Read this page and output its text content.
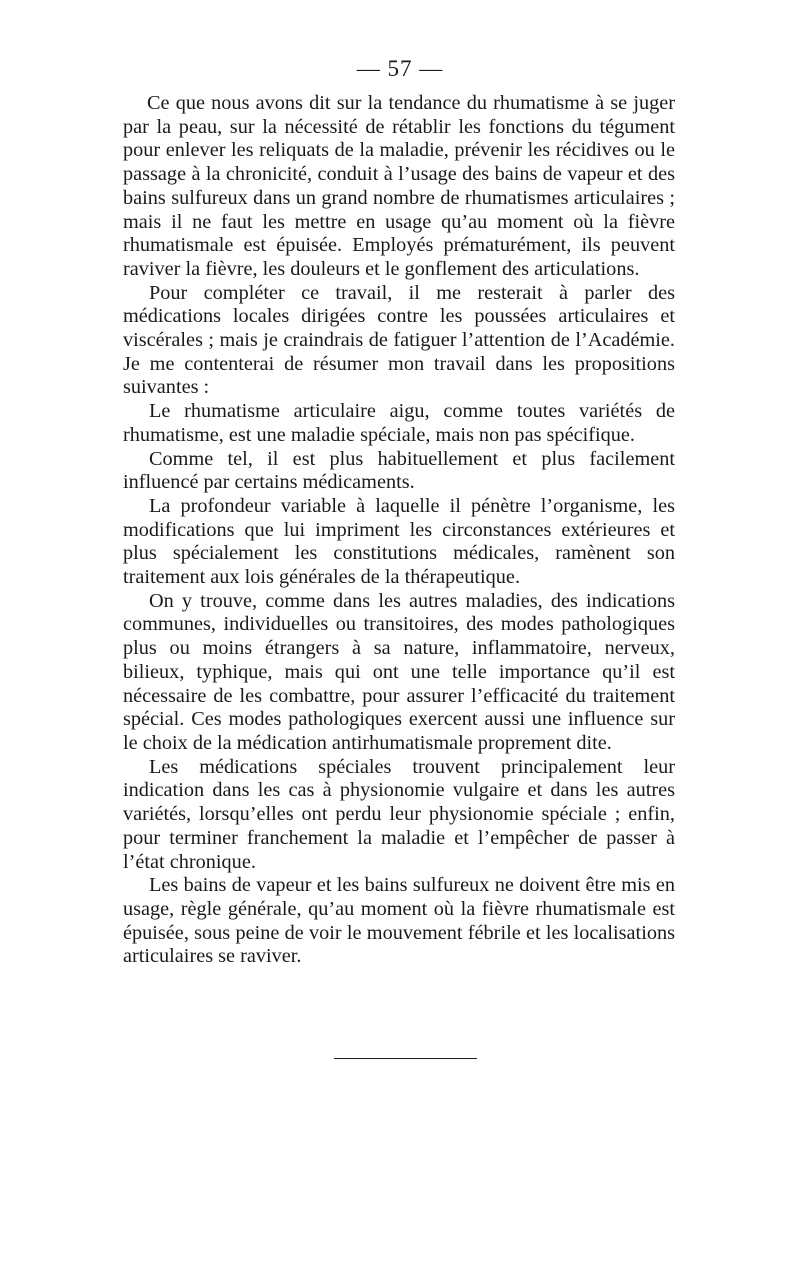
— 57 —

Ce que nous avons dit sur la tendance du rhumatisme à se juger par la peau, sur la nécessité de rétablir les fonctions du tégument pour enlever les reliquats de la maladie, prévenir les récidives ou le passage à la chronicité, conduit à l’usage des bains de vapeur et des bains sulfureux dans un grand nombre de rhumatismes articulaires ; mais il ne faut les mettre en usage qu’au moment où la fièvre rhumatismale est épuisée. Employés prématurément, ils peuvent raviver la fièvre, les douleurs et le gonflement des articulations.

Pour compléter ce travail, il me resterait à parler des médications locales dirigées contre les poussées articulaires et viscérales ; mais je craindrais de fatiguer l’attention de l’Académie. Je me contenterai de résumer mon travail dans les propositions suivantes :

Le rhumatisme articulaire aigu, comme toutes variétés de rhumatisme, est une maladie spéciale, mais non pas spécifique.

Comme tel, il est plus habituellement et plus facilement influencé par certains médicaments.

La profondeur variable à laquelle il pénètre l’organisme, les modifications que lui impriment les circonstances extérieures et plus spécialement les constitutions médicales, ramènent son traitement aux lois générales de la thérapeutique.

On y trouve, comme dans les autres maladies, des indications communes, individuelles ou transitoires, des modes pathologiques plus ou moins étrangers à sa nature, inflammatoire, nerveux, bilieux, typhique, mais qui ont une telle importance qu’il est nécessaire de les combattre, pour assurer l’efficacité du traitement spécial. Ces modes pathologiques exercent aussi une influence sur le choix de la médication antirhumatismale proprement dite.

Les médications spéciales trouvent principalement leur indication dans les cas à physionomie vulgaire et dans les autres variétés, lorsqu’elles ont perdu leur physionomie spéciale ; enfin, pour terminer franchement la maladie et l’empêcher de passer à l’état chronique.

Les bains de vapeur et les bains sulfureux ne doivent être mis en usage, règle générale, qu’au moment où la fièvre rhumatismale est épuisée, sous peine de voir le mouvement fébrile et les localisations articulaires se raviver.
